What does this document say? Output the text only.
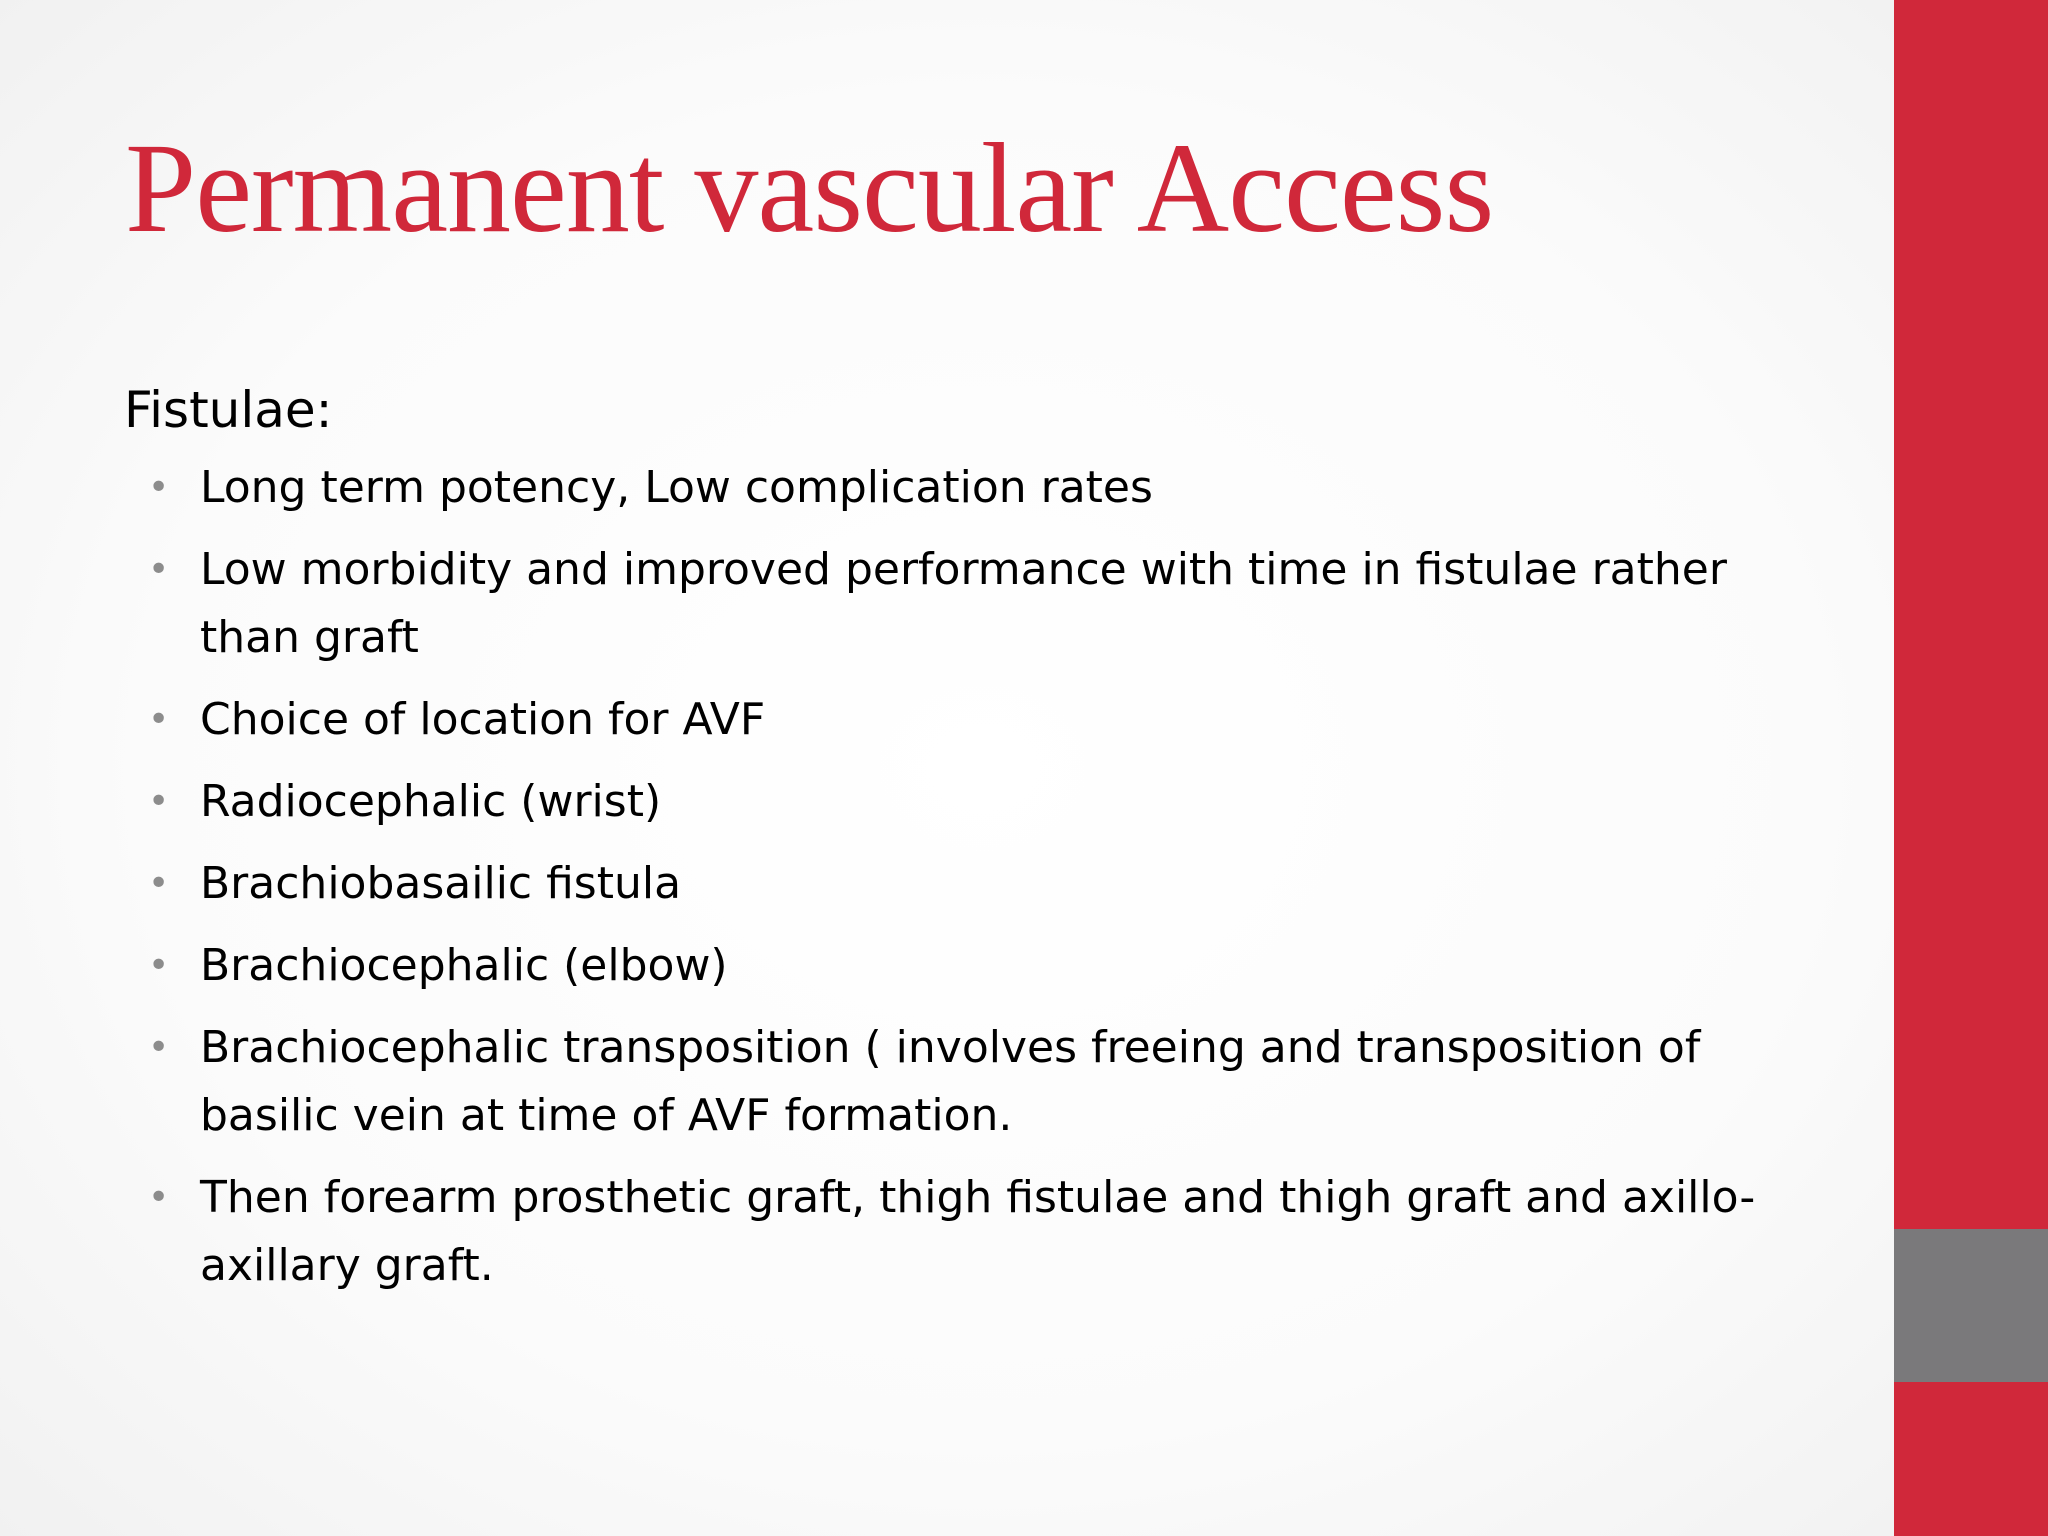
Permanent vascular Access
Fistulae:
• Long term potency, Low complication rates
• Low morbidity and improved performance with time in fistulae rather than graft
• Choice of location for AVF
• Radiocephalic (wrist)
• Brachiobasailic fistula
• Brachiocephalic (elbow)
• Brachiocephalic transposition ( involves freeing and transposition of basilic vein at time of AVF formation.
• Then forearm prosthetic graft, thigh fistulae and thigh graft and axillo-axillary graft.
